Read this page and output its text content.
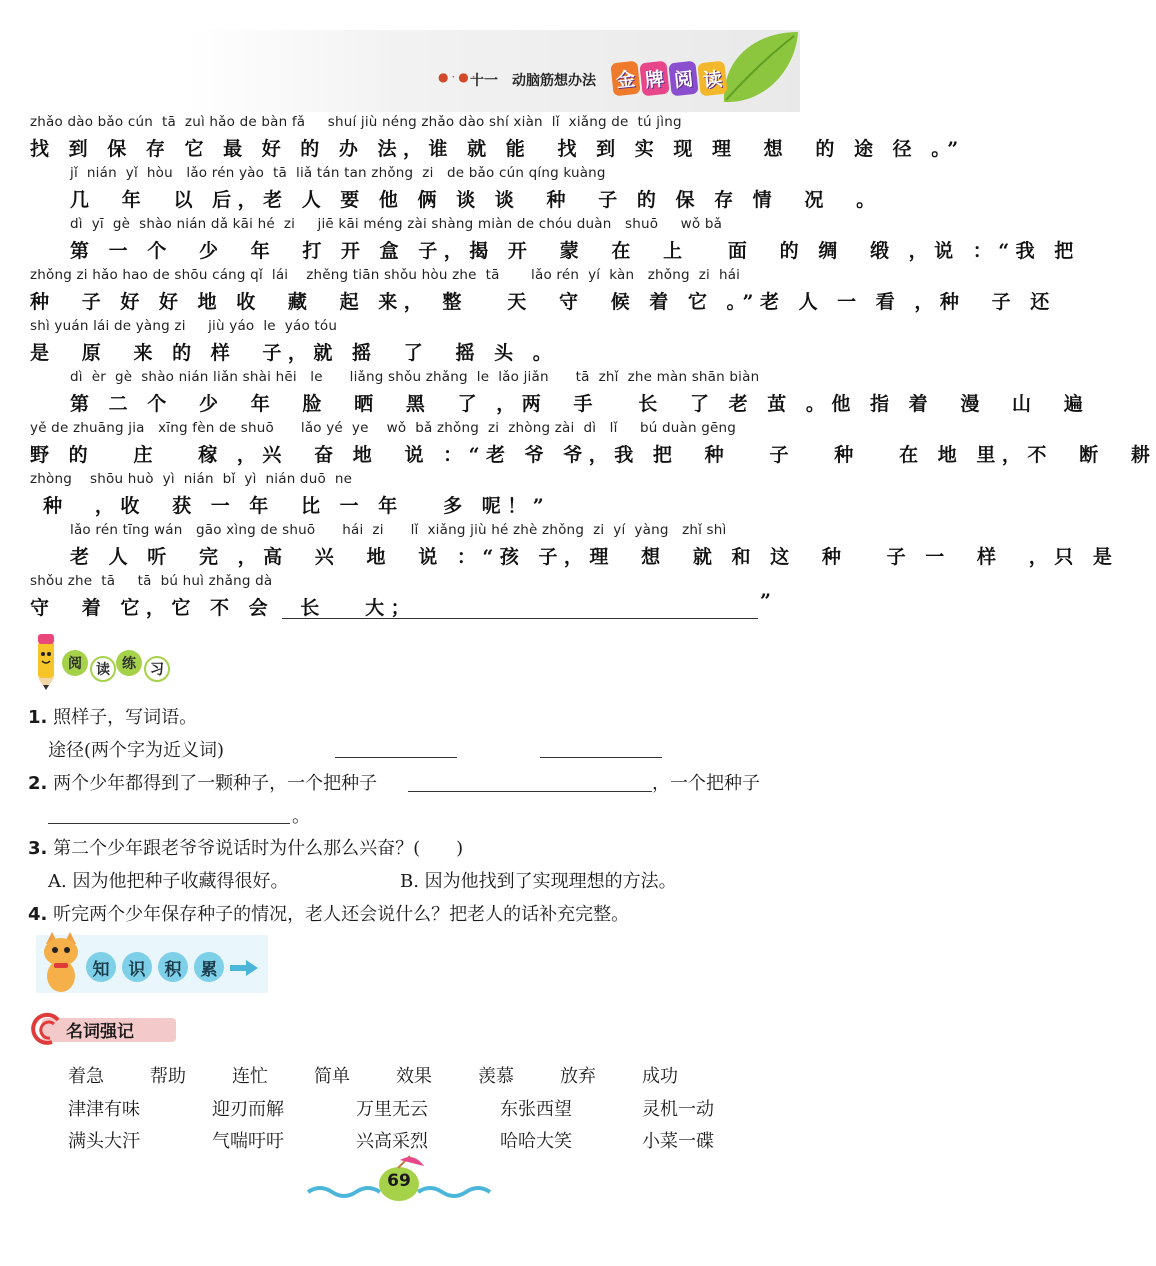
●·●·
十一　动脑筋想办法 金 牌 阅 读
zhǎo dào bǎo cún  tā  zuì hǎo de bàn fǎ     shuí jiù néng zhǎo dào shí xiàn  lǐ  xiǎng de  tú jìng
找 到 保 存 它 最 好 的 办 法，谁 就 能  找 到 实 现 理  想  的 途 径 。”
jǐ  nián  yǐ  hòu   lǎo rén yào  tā  liǎ tán tan zhǒng  zi   de bǎo cún qíng kuàng
几  年  以 后，老 人 要 他 俩 谈 谈  种  子 的 保 存 情  况  。
dì  yī  gè  shào nián dǎ kāi hé  zi     jiē kāi méng zài shàng miàn de chóu duàn   shuō     wǒ bǎ
第 一 个  少  年  打 开 盒 子，揭 开  蒙  在  上   面  的 绸  缎 ，说 ：“我 把
zhǒng zi hǎo hao de shōu cáng qǐ  lái    zhěng tiān shǒu hòu zhe  tā       lǎo rén  yí  kàn   zhǒng  zi  hái
种  子 好 好 地 收  藏  起 来， 整   天  守  候 着 它 。”老 人 一 看 ，种  子 还
shì yuán lái de yàng zi     jiù yáo  le  yáo tóu
是  原  来 的 样  子，就 摇  了  摇 头 。
dì  èr  gè  shào nián liǎn shài hēi   le      liǎng shǒu zhǎng  le  lǎo jiǎn      tā  zhǐ  zhe màn shān biàn
第 二 个  少  年  脸  晒  黑  了 ，两  手   长  了 老 茧 。他 指 着  漫  山  遍
yě de zhuāng jia   xīng fèn de shuō      lǎo yé  ye    wǒ  bǎ zhǒng  zi  zhòng zài  dì   lǐ     bú duàn gēng
野 的   庄   稼 ，兴  奋 地  说 ：“老 爷 爷，我 把  种   子   种   在 地 里，不  断  耕
zhòng    shōu huò  yì  nián  bǐ  yì  nián duō  ne
种  ，收  获 一 年  比 一 年   多 呢！”
lǎo rén tīng wán   gāo xìng de shuō      hái  zi      lǐ  xiǎng jiù hé zhè zhǒng  zi  yí  yàng   zhǐ shì
老 人 听  完 ，高  兴  地  说 ：“孩 子，理  想  就 和 这  种   子 一  样  ，只 是
shǒu zhe  tā     tā  bú huì zhǎng dà
守  着 它，它 不 会  长   大；	”
阅	读 练	习
1. 照样子，写词语。
途径(两个字为近义词)
2. 两个少年都得到了一颗种子，一个把种子	，一个把种子
。
3. 第二个少年跟老爷爷说话时为什么那么兴奋？(　　)
A. 因为他把种子收藏得很好。	B. 因为他找到了实现理想的方法。
4. 听完两个少年保存种子的情况，老人还会说什么？把老人的话补充完整。
知	识	积	累
名词强记
着急	帮助	连忙	简单	效果	羡慕	放弃	成功
津津有味	迎刃而解	万里无云	东张西望	灵机一动
满头大汗	气喘吁吁	兴高采烈	哈哈大笑	小菜一碟
69
